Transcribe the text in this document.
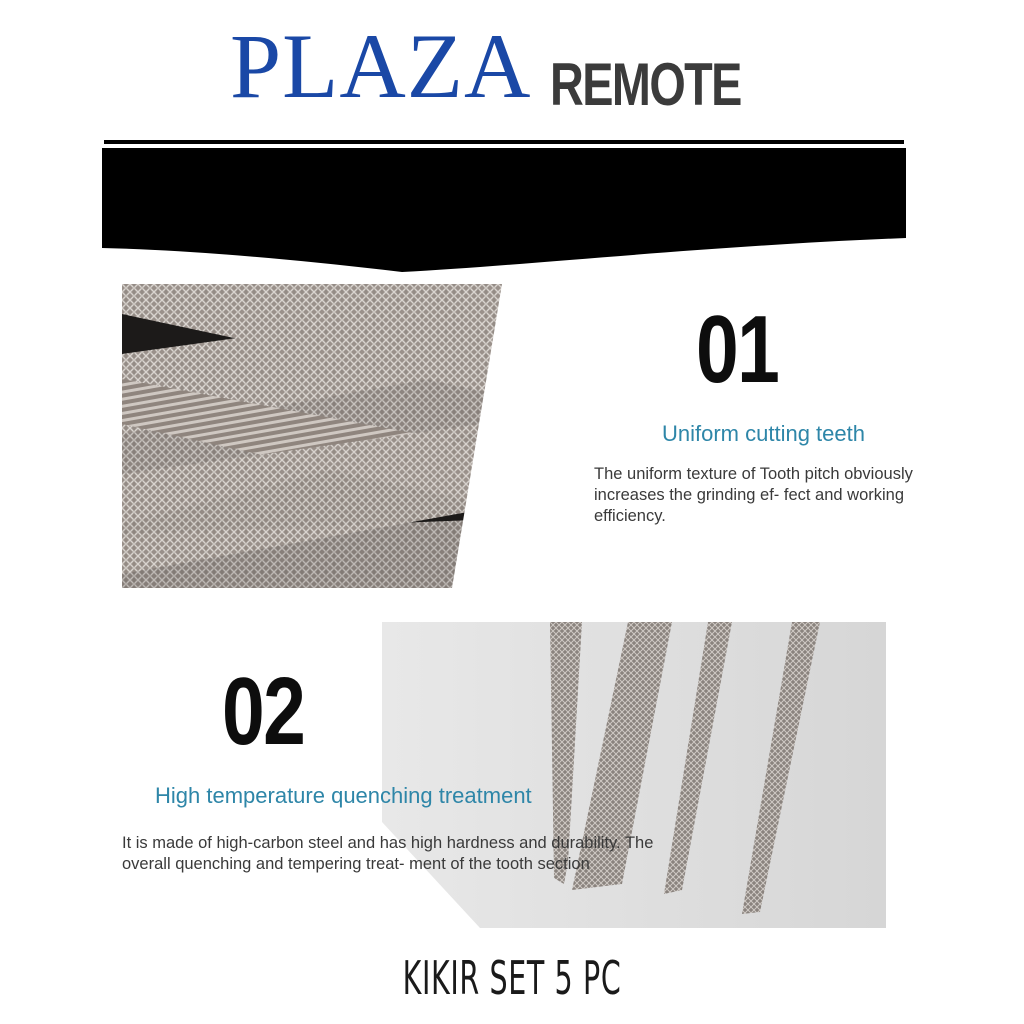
PLAZA REMOTE
01
Uniform cutting teeth
The uniform texture of Tooth pitch obviously increases the grinding ef- fect and working efficiency.
02
High temperature quenching treatment
It is made of high-carbon steel and has high hardness and durability. The overall quenching and tempering treat- ment of the tooth section
KIKIR SET 5 PC
